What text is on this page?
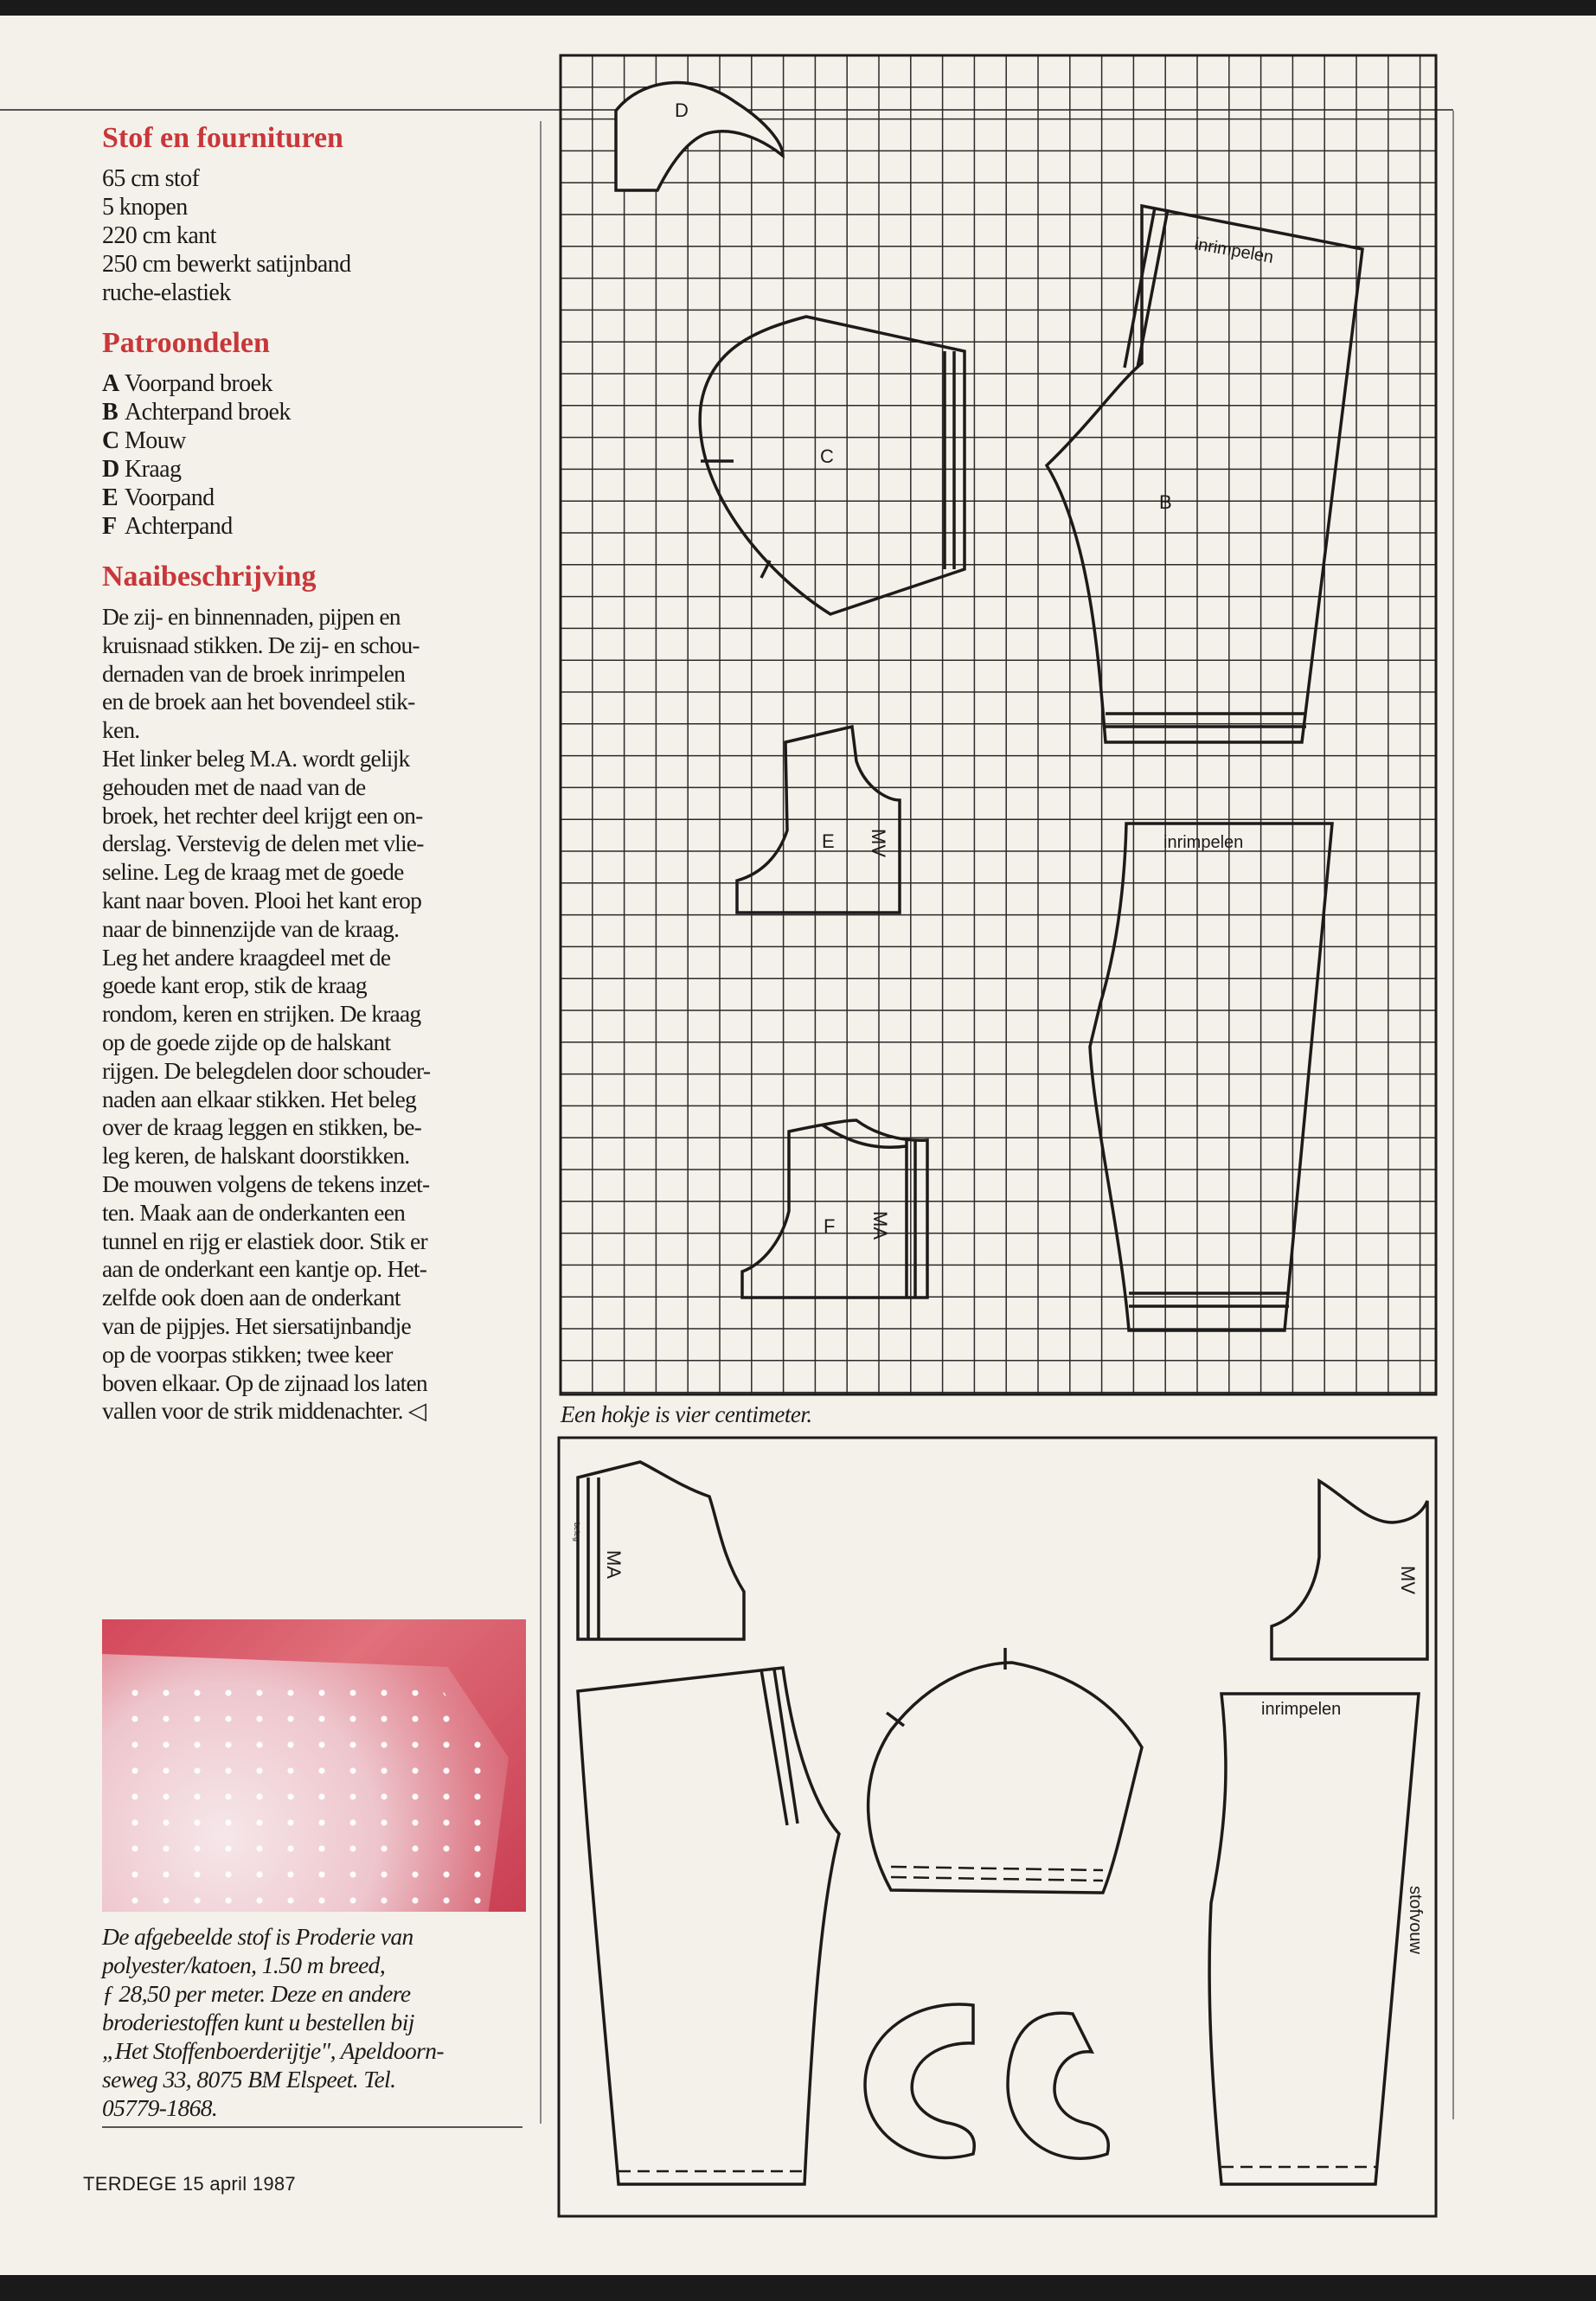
Stof en fournituren
65 cm stof
5 knopen
220 cm kant
250 cm bewerkt satijnband
ruche-elastiek
Patroondelen
A Voorpand broek
B Achterpand broek
C Mouw
D Kraag
E Voorpand
F Achterpand
Naaibeschrijving
De zij- en binnennaden, pijpen en
kruisnaad stikken. De zij- en schou-
dernaden van de broek inrimpelen
en de broek aan het bovendeel stik-
ken.
Het linker beleg M.A. wordt gelijk
gehouden met de naad van de
broek, het rechter deel krijgt een on-
derslag. Verstevig de delen met vlie-
seline. Leg de kraag met de goede
kant naar boven. Plooi het kant erop
naar de binnenzijde van de kraag.
Leg het andere kraagdeel met de
goede kant erop, stik de kraag
rondom, keren en strijken. De kraag
op de goede zijde op de halskant
rijgen. De belegdelen door schouder-
naden aan elkaar stikken. Het beleg
over de kraag leggen en stikken, be-
leg keren, de halskant doorstikken.
De mouwen volgens de tekens inzet-
ten. Maak aan de onderkanten een
tunnel en rijg er elastiek door. Stik er
aan de onderkant een kantje op. Het-
zelfde ook doen aan de onderkant
van de pijpjes. Het siersatijnbandje
op de voorpas stikken; twee keer
boven elkaar. Op de zijnaad los laten
vallen voor de strik middenachter. ◁
De afgebeelde stof is Proderie van
polyester/katoen, 1.50 m breed,
ƒ 28,50 per meter. Deze en andere
broderiestoffen kunt u bestellen bij
„Het Stoffenboerderijtje", Apeldoorn-
seweg 33, 8075 BM Elspeet. Tel.
05779-1868.
TERDEGE 15 april 1987
D
C
inrimpelen
B
E MV	inrimpelen
F MA
beleg
MA
MV
inrimpelen
stofvouw
Een hokje is vier centimeter.
